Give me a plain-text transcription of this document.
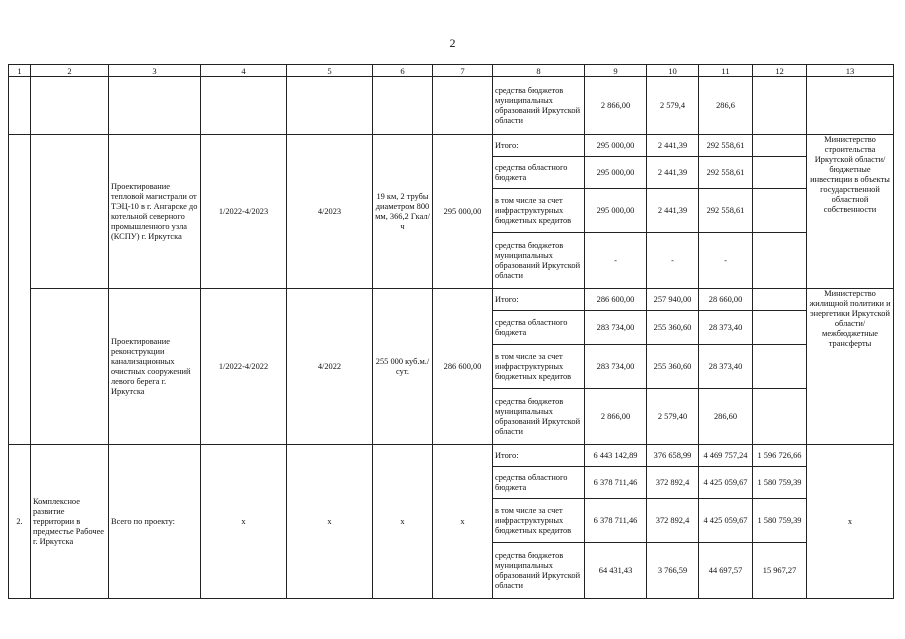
2
1	2	3	4	5	6	7	8	9	10	11	12	13
							средства бюджетов муниципальных образований Иркутской области	2 866,00	2 579,4	286,6		
		Проектирование тепловой магистрали от ТЭЦ-10 в г. Ангарске до котельной северного промышленного узла (КСПУ) г. Иркутска	1/2022-4/2023	4/2023	19 км, 2 трубы диаметром 800 мм, 366,2 Гкал/ч	295 000,00	Итого:	295 000,00	2 441,39	292 558,61		Министерство строительства Иркутской области/ бюджетные инвестиции в объекты государственной областной собственности
							средства областного бюджета	295 000,00	2 441,39	292 558,61		
							в том числе за счет инфраструктурных бюджетных кредитов	295 000,00	2 441,39	292 558,61		
							средства бюджетов муниципальных образований Иркутской области	-	-	-		
		Проектирование реконструкции канализационных очистных сооружений левого берега г. Иркутска	1/2022-4/2022	4/2022	255 000 куб.м./сут.	286 600,00	Итого:	286 600,00	257 940,00	28 660,00		Министерство жилищной политики и энергетики Иркутской области/ межбюджетные трансферты
							средства областного бюджета	283 734,00	255 360,60	28 373,40		
							в том числе за счет инфраструктурных бюджетных кредитов	283 734,00	255 360,60	28 373,40		
							средства бюджетов муниципальных образований Иркутской области	2 866,00	2 579,40	286,60		
2.	Комплексное развитие территории в предместье Рабочее г. Иркутска	Всего по проекту:	x	x	x	x	Итого:	6 443 142,89	376 658,99	4 469 757,24	1 596 726,66	x
							средства областного бюджета	6 378 711,46	372 892,4	4 425 059,67	1 580 759,39	
							в том числе за счет инфраструктурных бюджетных кредитов	6 378 711,46	372 892,4	4 425 059,67	1 580 759,39	
							средства бюджетов муниципальных образований Иркутской области	64 431,43	3 766,59	44 697,57	15 967,27	
